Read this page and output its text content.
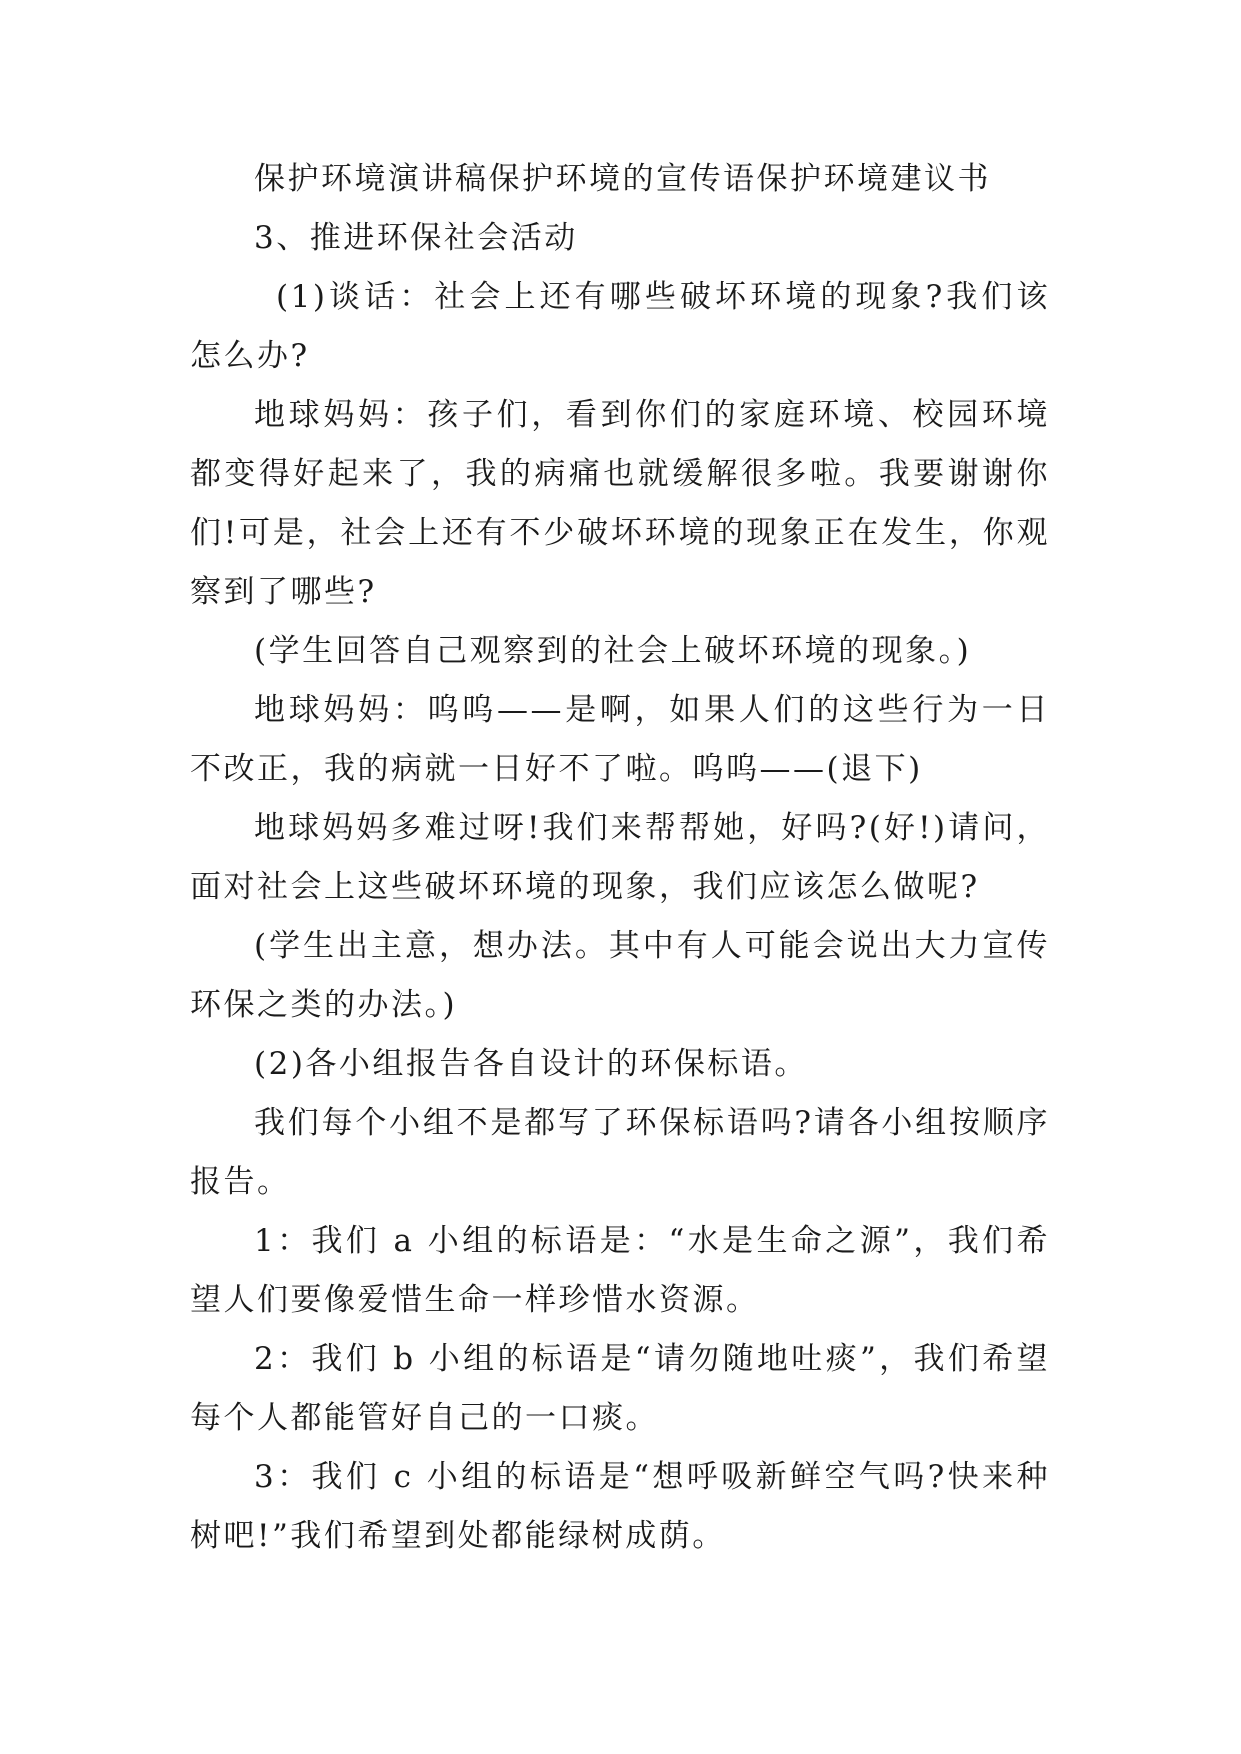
保护环境演讲稿保护环境的宣传语保护环境建议书

3、推进环保社会活动

(1)谈话：社会上还有哪些破坏环境的现象?我们该怎么办?

地球妈妈：孩子们，看到你们的家庭环境、校园环境都变得好起来了，我的病痛也就缓解很多啦。我要谢谢你们!可是，社会上还有不少破坏环境的现象正在发生，你观察到了哪些?

(学生回答自己观察到的社会上破坏环境的现象。)

地球妈妈：呜呜——是啊，如果人们的这些行为一日不改正，我的病就一日好不了啦。呜呜——(退下)

地球妈妈多难过呀!我们来帮帮她，好吗?(好!)请问，面对社会上这些破坏环境的现象，我们应该怎么做呢?

(学生出主意，想办法。其中有人可能会说出大力宣传环保之类的办法。)

(2)各小组报告各自设计的环保标语。

我们每个小组不是都写了环保标语吗?请各小组按顺序报告。

1：我们 a 小组的标语是：“水是生命之源”，我们希望人们要像爱惜生命一样珍惜水资源。

2：我们 b 小组的标语是“请勿随地吐痰”，我们希望每个人都能管好自己的一口痰。

3：我们 c 小组的标语是“想呼吸新鲜空气吗?快来种树吧!”我们希望到处都能绿树成荫。
